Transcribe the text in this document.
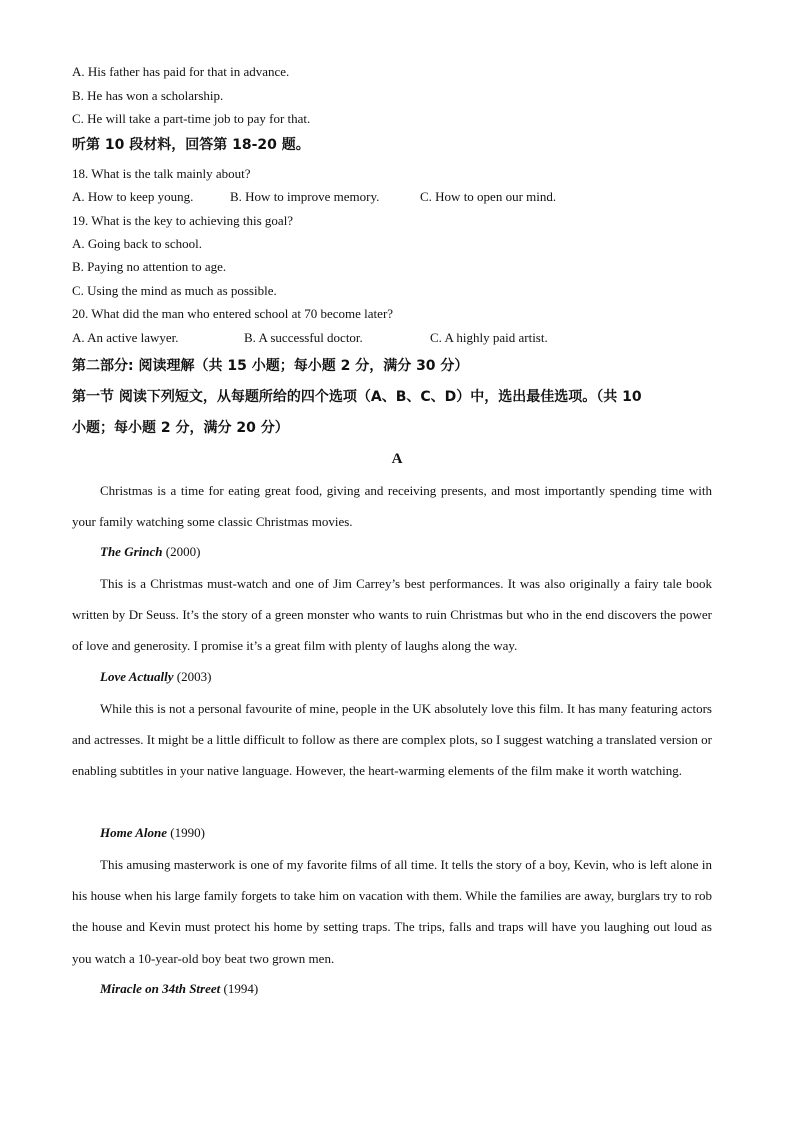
A. His father has paid for that in advance.
B. He has won a scholarship.
C. He will take a part-time job to pay for that.
听第 10 段材料，回答第 18-20 题。
18. What is the talk mainly about?
A. How to keep young.	B. How to improve memory.	C. How to open our mind.
19. What is the key to achieving this goal?
A. Going back to school.
B. Paying no attention to age.
C. Using the mind as much as possible.
20. What did the man who entered school at 70 become later?
A. An active lawyer.	B. A successful doctor.	C. A highly paid artist.
第二部分: 阅读理解（共 15 小题；每小题 2 分，满分 30 分）
第一节 阅读下列短文，从每题所给的四个选项（A、B、C、D）中，选出最佳选项。（共 10
小题；每小题 2 分，满分 20 分）
A
Christmas is a time for eating great food, giving and receiving presents, and most importantly spending time with your family watching some classic Christmas movies.
The Grinch (2000)
This is a Christmas must-watch and one of Jim Carrey’s best performances. It was also originally a fairy tale book written by Dr Seuss. It’s the story of a green monster who wants to ruin Christmas but who in the end discovers the power of love and generosity. I promise it’s a great film with plenty of laughs along the way.
Love Actually (2003)
While this is not a personal favourite of mine, people in the UK absolutely love this film. It has many featuring actors and actresses. It might be a little difficult to follow as there are complex plots, so I suggest watching a translated version or enabling subtitles in your native language. However, the heart-warming elements of the film make it worth watching.
Home Alone (1990)
This amusing masterwork is one of my favorite films of all time. It tells the story of a boy, Kevin, who is left alone in his house when his large family forgets to take him on vacation with them. While the families are away, burglars try to rob the house and Kevin must protect his home by setting traps. The trips, falls and traps will have you laughing out loud as you watch a 10-year-old boy beat two grown men.
Miracle on 34th Street (1994)
